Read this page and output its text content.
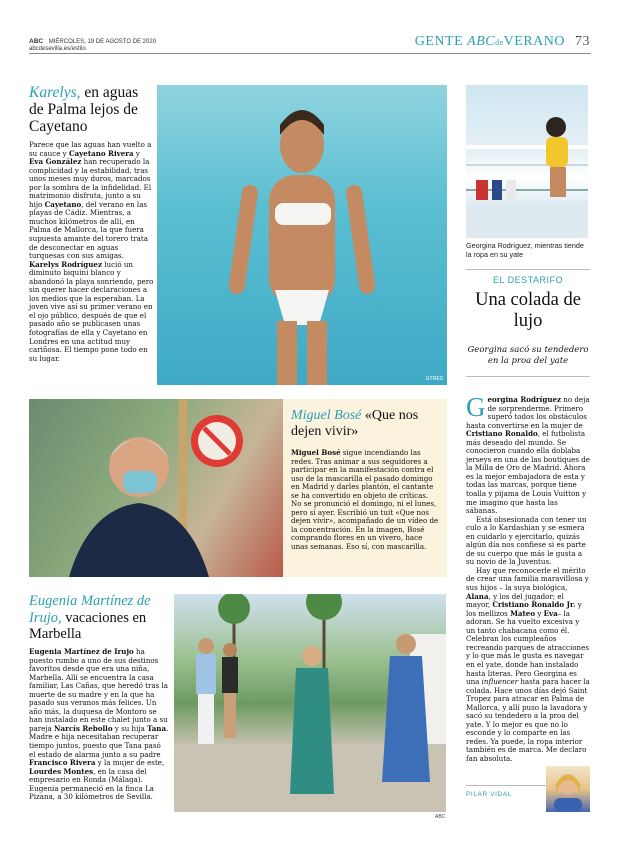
ABC MIÉRCOLES, 19 DE AGOSTO DE 2020
abcdesevilla.es/estilo	GENTE ABCdeVERANO 73
Karelys, en aguas de Palma lejos de Cayetano
Parece que las aguas han vuelto a su cauce y Cayetano Rivera y Eva González han recuperado la complicidad y la estabilidad, tras unos meses muy duros, marcados por la sombra de la infidelidad. El matrimonio disfruta, junto a su hijo Cayetano, del verano en las playas de Cádiz. Mientras, a muchos kilómetros de allí, en Palma de Mallorca, la que fuera supuesta amante del torero trata de desconectar en aguas turquesas con sus amigas. Karelys Rodríguez lució un diminuto biquini blanco y abandonó la playa sonriendo, pero sin querer hacer declaraciones a los medios que la esperaban. La joven vive así su primer verano en el ojo público, después de que el pasado año se publicasen unas fotografías de ella y Cayetano en Londres en una actitud muy cariñosa. El tiempo pone todo en su lugar.
GTRES
Georgina Rodríguez, mientras tiende la ropa en su yate
EL DESTARIFO
Una colada de lujo
Georgina sacó su tendedero en la proa del yate

Georgina Rodríguez no deja de sorprenderme. Primero superó todos los obstáculos hasta convertirse en la mujer de Cristiano Ronaldo, el futbolista más deseado del mundo. Se conocieron cuando ella doblaba jerseys en una de las boutiques de la Milla de Oro de Madrid. Ahora es la mejor embajadora de esta y todas las marcas, porque tiene toalla y pijama de Louis Vuitton y me imagino que hasta las sábanas.

Está obsesionada con tener un culo a lo Kardashian y se esmera en cuidarlo y ejercitarlo, quizás algún día nos confiese si es parte de su cuerpo que más le gusta a su novio de la Juventus.

Hay que reconocerle el mérito de crear una familia maravillosa y sus hijos – la suya biológica, Alana, y los del jugador; el mayor, Cristiano Ronaldo Jr. y los mellizos Mateo y Eva– la adoran. Se ha vuelto excesiva y un tanto chabacana como él. Celebran los cumpleaños recreando parques de atracciones y lo que más le gusta es navegar en el yate, donde han instalado hasta literas. Pero Georgina es una influencer hasta para hacer la colada. Hace unos días dejó Saint Tropez para atracar en Palma de Mallorca, y allí puso la lavadora y sacó su tendedero a la proa del yate. Y lo mejor es que no lo esconde y lo comparte en las redes. Ya puede, la ropa interior también es de marca. Me declaro fan absoluta.

PILAR VIDAL
Miguel Bosé «Que nos dejen vivir»
Miguel Bosé sigue incendiando las redes. Tras animar a sus seguidores a participar en la manifestación contra el uso de la mascarilla el pasado domingo en Madrid y darles plantón, el cantante se ha convertido en objeto de críticas. No se pronunció el domingo, ni el lunes, pero sí ayer. Escribió un tuit «Que nos dejen vivir», acompañado de un vídeo de la concentración. En la imagen, Bosé comprando flores en un vivero, hace unas semanas. Eso sí, con mascarilla.
Eugenia Martínez de Irujo, vacaciones en Marbella
Eugenia Martínez de Irujo ha puesto rumbo a uno de sus destinos favoritos desde que era una niña, Marbella. Allí se encuentra la casa familiar, Las Cañas, que heredó tras la muerte de su madre y en la que ha pasado sus veranos más felices. Un año más, la duquesa de Montoro se han instalado en este chalet junto a su pareja Narcís Rebollo y su hija Tana. Madre e hija necesitaban recuperar tiempo juntos, puesto que Tana pasó el estado de alarma junto a su padre Francisco Rivera y la mujer de este, Lourdes Montes, en la casa del empresario en Ronda (Málaga). Eugenia permaneció en la finca La Pizana, a 30 kilómetros de Sevilla.
ABC
